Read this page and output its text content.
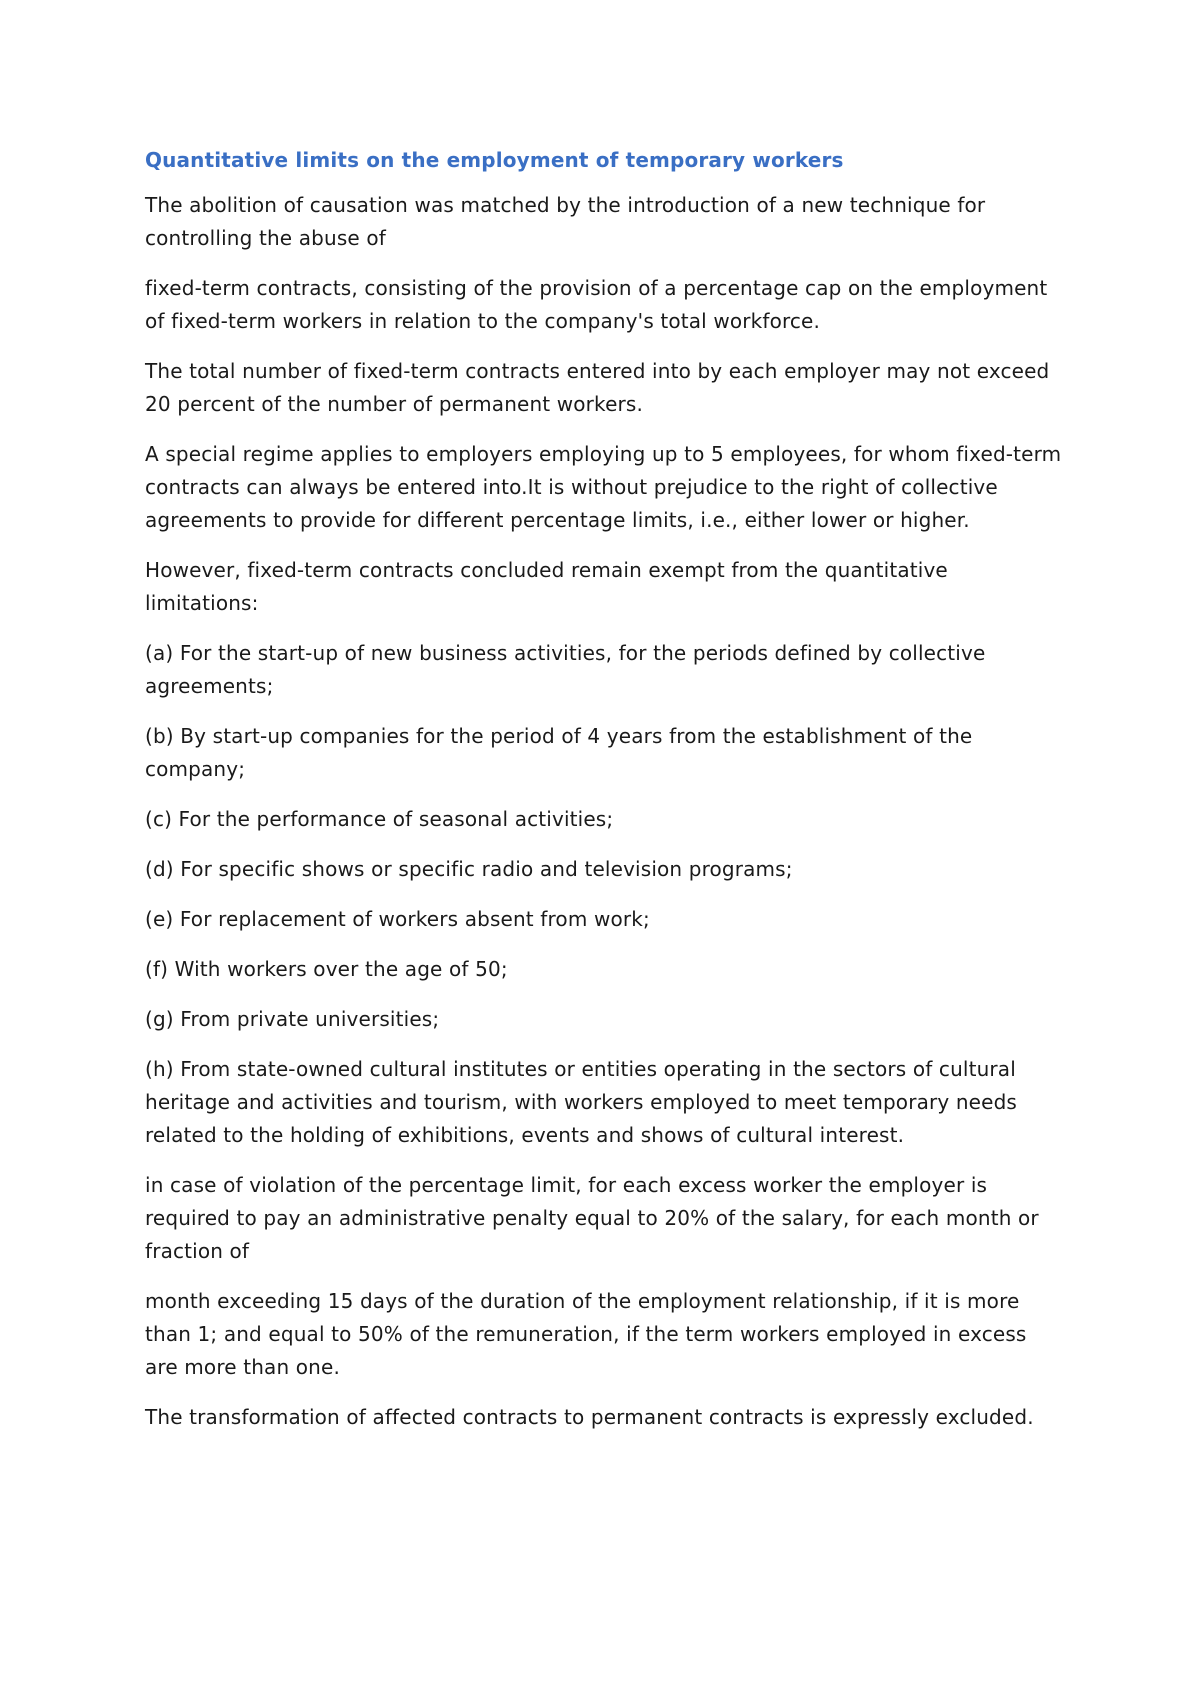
Quantitative limits on the employment of temporary workers

The abolition of causation was matched by the introduction of a new technique for controlling the abuse of

fixed-term contracts, consisting of the provision of a percentage cap on the employment of fixed-term workers in relation to the company's total workforce.

The total number of fixed-term contracts entered into by each employer may not exceed 20 percent of the number of permanent workers.

A special regime applies to employers employing up to 5 employees, for whom fixed-term contracts can always be entered into.It is without prejudice to the right of collective agreements to provide for different percentage limits, i.e., either lower or higher.

However, fixed-term contracts concluded remain exempt from the quantitative limitations:

(a) For the start-up of new business activities, for the periods defined by collective agreements;

(b) By start-up companies for the period of 4 years from the establishment of the company;

(c) For the performance of seasonal activities;

(d) For specific shows or specific radio and television programs;

(e) For replacement of workers absent from work;

(f) With workers over the age of 50;

(g) From private universities;

(h) From state-owned cultural institutes or entities operating in the sectors of cultural heritage and activities and tourism, with workers employed to meet temporary needs related to the holding of exhibitions, events and shows of cultural interest.

in case of violation of the percentage limit, for each excess worker the employer is required to pay an administrative penalty equal to 20% of the salary, for each month or fraction of

month exceeding 15 days of the duration of the employment relationship, if it is more than 1; and equal to 50% of the remuneration, if the term workers employed in excess are more than one.

The transformation of affected contracts to permanent contracts is expressly excluded.
